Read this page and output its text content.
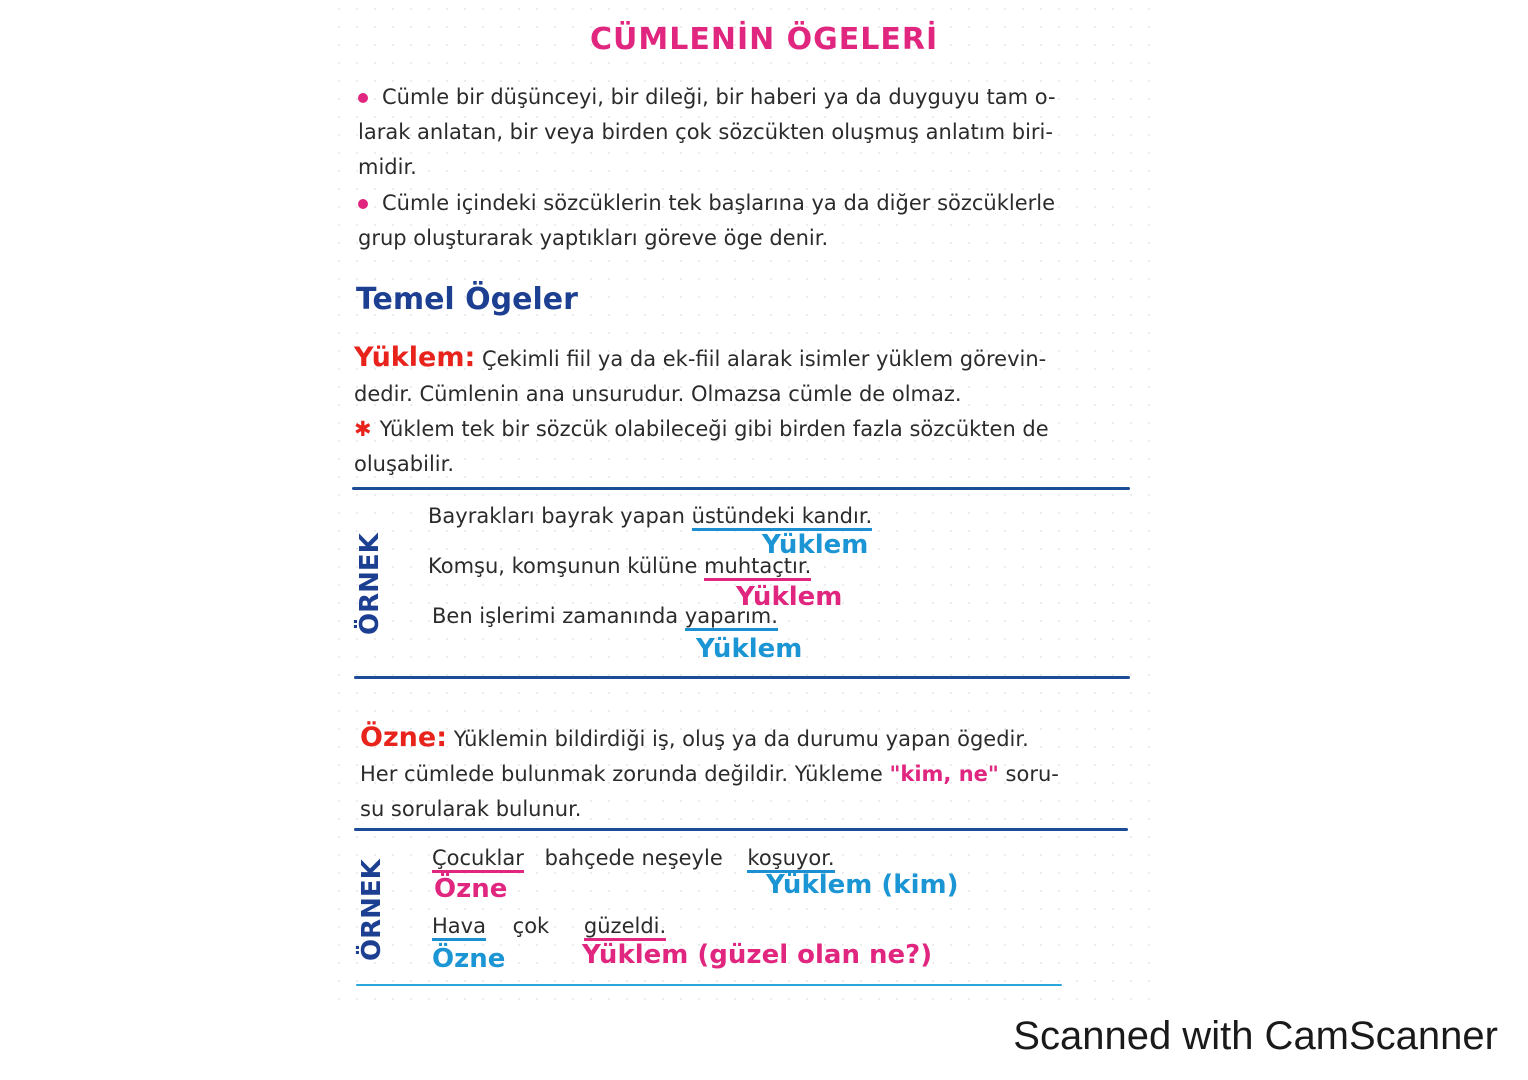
CÜMLENİN ÖGELERİ
Cümle bir düşünceyi, bir dileği, bir haberi ya da duyguyu tam o-
larak anlatan, bir veya birden çok sözcükten oluşmuş anlatım biri-
midir.
Cümle içindeki sözcüklerin tek başlarına ya da diğer sözcüklerle
grup oluşturarak yaptıkları göreve öge denir.
Temel Ögeler
Yüklem: Çekimli fiil ya da ek-fiil alarak isimler yüklem görevin-
dedir. Cümlenin ana unsurudur. Olmazsa cümle de olmaz.
✱ Yüklem tek bir sözcük olabileceği gibi birden fazla sözcükten de
oluşabilir.
ÖRNEK
Bayrakları bayrak yapan üstündeki kandır.
Yüklem
Komşu, komşunun külüne muhtaçtır.
Yüklem
Ben işlerimi zamanında yaparım.
Yüklem
Özne: Yüklemin bildirdiği iş, oluş ya da durumu yapan ögedir.
Her cümlede bulunmak zorunda değildir. Yükleme "kim, ne" soru-
su sorularak bulunur.
ÖRNEK
Çocuklar bahçede neşeyle koşuyor.
Özne	Yüklem (kim)
Hava çok güzeldi.
Özne	Yüklem (güzel olan ne?)
Scanned with CamScanner
